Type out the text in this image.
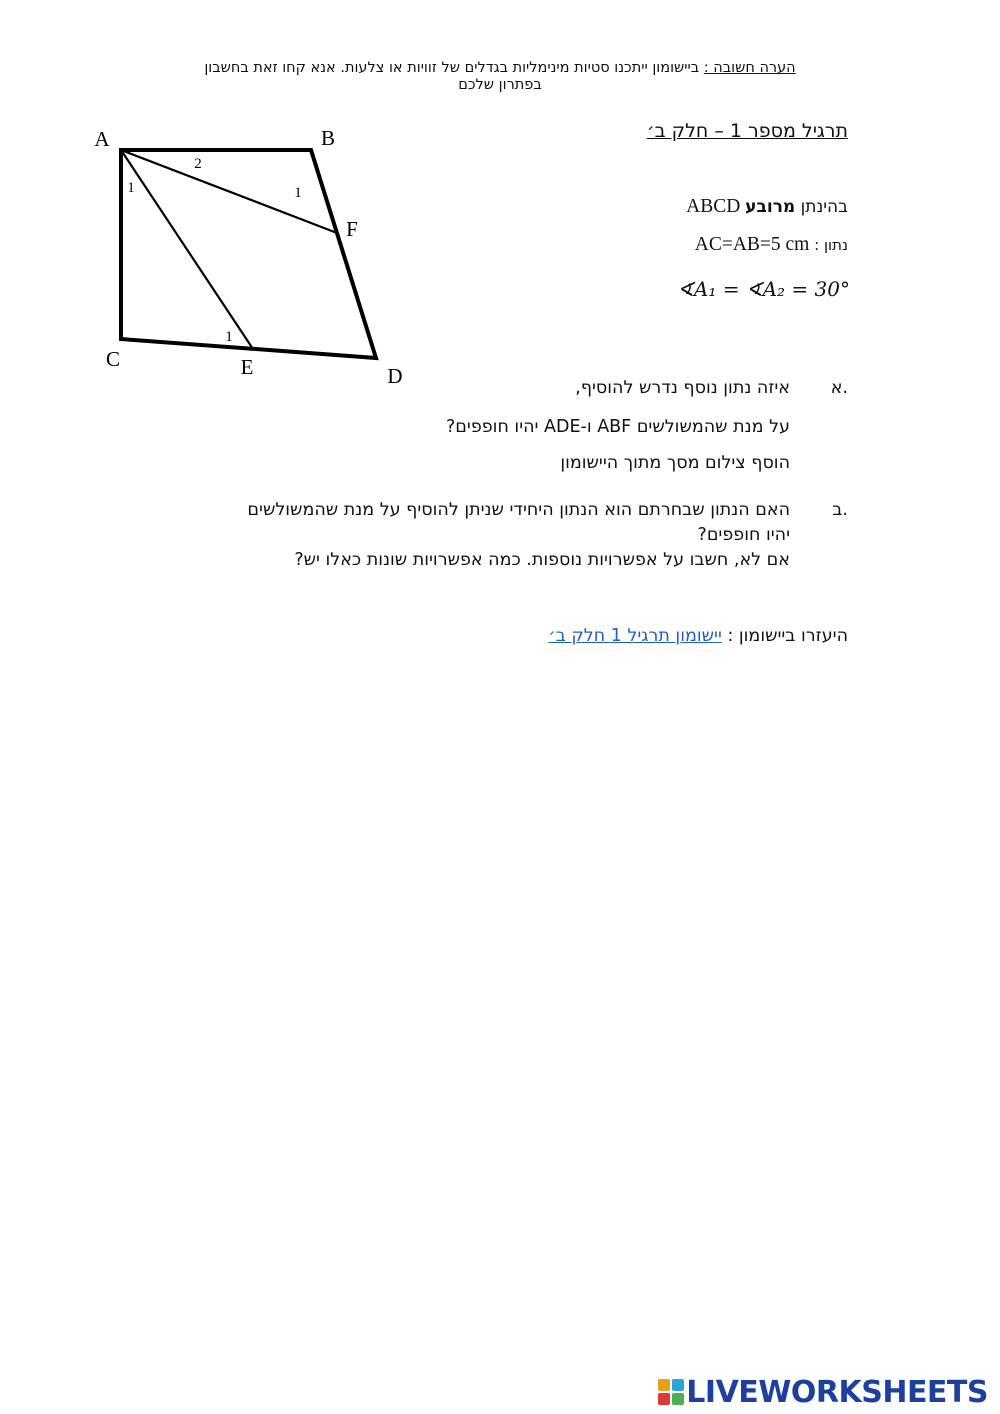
הערה חשובה : ביישומון ייתכנו סטיות מינימליות בגדלים של זוויות או צלעות. אנא קחו זאת בחשבון
בפתרון שלכם
A	B
C
D
E
F
1
2
1
1
תרגיל מספר 1 – חלק ב׳
בהינתן מרובע ABCD
נתון : AC=AB=5 cm
∢A₁ = ∢A₂ = 30°
א.
איזה נתון נוסף נדרש להוסיף,
על מנת שהמשולשים ABF ו-ADE יהיו חופפים?
הוסף צילום מסך מתוך היישומון
ב.
האם הנתון שבחרתם הוא הנתון היחידי שניתן להוסיף על מנת שהמשולשים
יהיו חופפים?
אם לא, חשבו על אפשרויות נוספות. כמה אפשרויות שונות כאלו יש?
היעזרו ביישומון : יישומון תרגיל 1 חלק ב׳
LIVEWORKSHEETS
